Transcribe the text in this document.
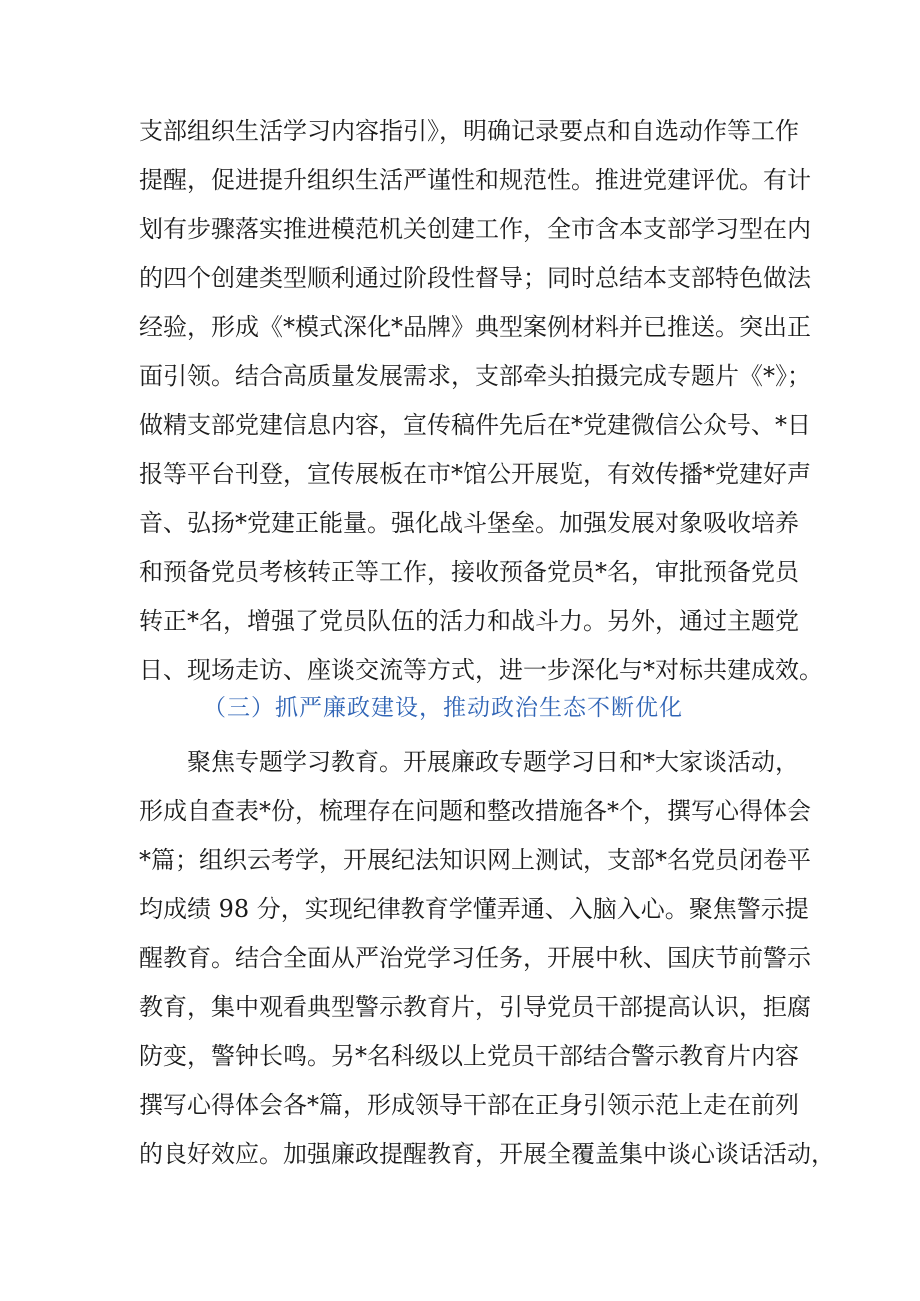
支部组织生活学习内容指引》，明确记录要点和自选动作等工作
提醒，促进提升组织生活严谨性和规范性。推进党建评优。有计
划有步骤落实推进模范机关创建工作，全市含本支部学习型在内
的四个创建类型顺利通过阶段性督导；同时总结本支部特色做法
经验，形成《*模式深化*品牌》典型案例材料并已推送。突出正
面引领。结合高质量发展需求，支部牵头拍摄完成专题片《*》；
做精支部党建信息内容，宣传稿件先后在*党建微信公众号、*日
报等平台刊登，宣传展板在市*馆公开展览，有效传播*党建好声
音、弘扬*党建正能量。强化战斗堡垒。加强发展对象吸收培养
和预备党员考核转正等工作，接收预备党员*名，审批预备党员
转正*名，增强了党员队伍的活力和战斗力。另外，通过主题党
日、现场走访、座谈交流等方式，进一步深化与*对标共建成效。
（三）抓严廉政建设，推动政治生态不断优化
聚焦专题学习教育。开展廉政专题学习日和*大家谈活动，
形成自查表*份，梳理存在问题和整改措施各*个，撰写心得体会
*篇；组织云考学，开展纪法知识网上测试，支部*名党员闭卷平
均成绩 98 分，实现纪律教育学懂弄通、入脑入心。聚焦警示提
醒教育。结合全面从严治党学习任务，开展中秋、国庆节前警示
教育，集中观看典型警示教育片，引导党员干部提高认识，拒腐
防变，警钟长鸣。另*名科级以上党员干部结合警示教育片内容
撰写心得体会各*篇，形成领导干部在正身引领示范上走在前列
的良好效应。加强廉政提醒教育，开展全覆盖集中谈心谈话活动，
